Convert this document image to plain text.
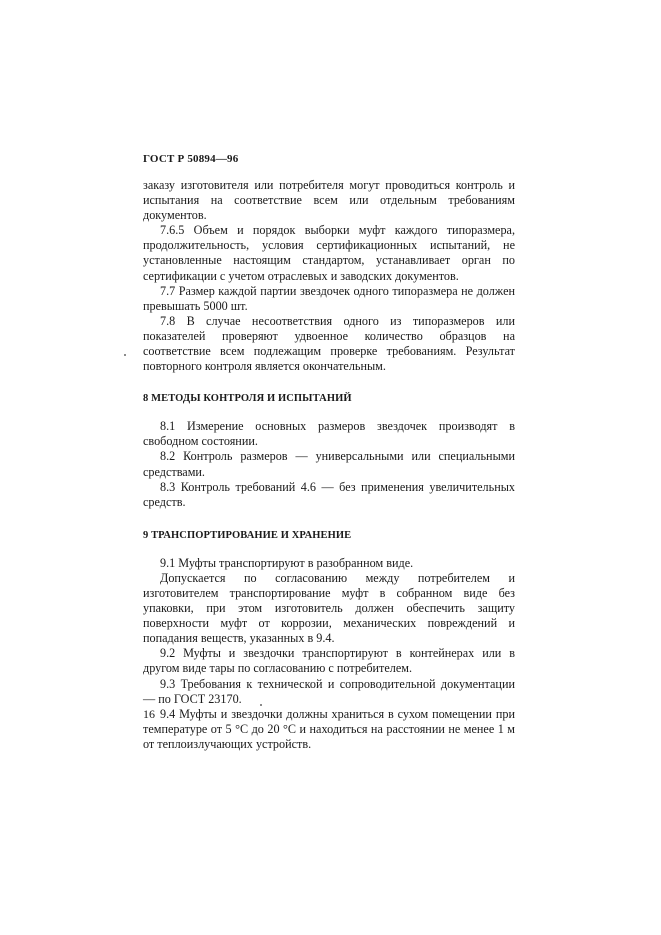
ГОСТ Р 50894—96

заказу изготовителя или потребителя могут проводиться контроль и испытания на соответствие всем или отдельным требованиям документов.

7.6.5 Объем и порядок выборки муфт каждого типоразмера, продолжительность, условия сертификационных испытаний, не установленные настоящим стандартом, устанавливает орган по сертификации с учетом отраслевых и заводских документов.

7.7 Размер каждой партии звездочек одного типоразмера не должен превышать 5000 шт.

7.8 В случае несоответствия одного из типоразмеров или показателей проверяют удвоенное количество образцов на соответствие всем подлежащим проверке требованиям. Результат повторного контроля является окончательным.

8 МЕТОДЫ КОНТРОЛЯ И ИСПЫТАНИЙ

8.1 Измерение основных размеров звездочек производят в свободном состоянии.

8.2 Контроль размеров — универсальными или специальными средствами.

8.3 Контроль требований 4.6 — без применения увеличительных средств.

9 ТРАНСПОРТИРОВАНИЕ И ХРАНЕНИЕ

9.1 Муфты транспортируют в разобранном виде.

Допускается по согласованию между потребителем и изготовителем транспортирование муфт в собранном виде без упаковки, при этом изготовитель должен обеспечить защиту поверхности муфт от коррозии, механических повреждений и попадания веществ, указанных в 9.4.

9.2 Муфты и звездочки транспортируют в контейнерах или в другом виде тары по согласованию с потребителем.

9.3 Требования к технической и сопроводительной документации — по ГОСТ 23170.

9.4 Муфты и звездочки должны храниться в сухом помещении при температуре от 5 °С до 20 °С и находиться на расстоянии не менее 1 м от теплоизлучающих устройств.

16
